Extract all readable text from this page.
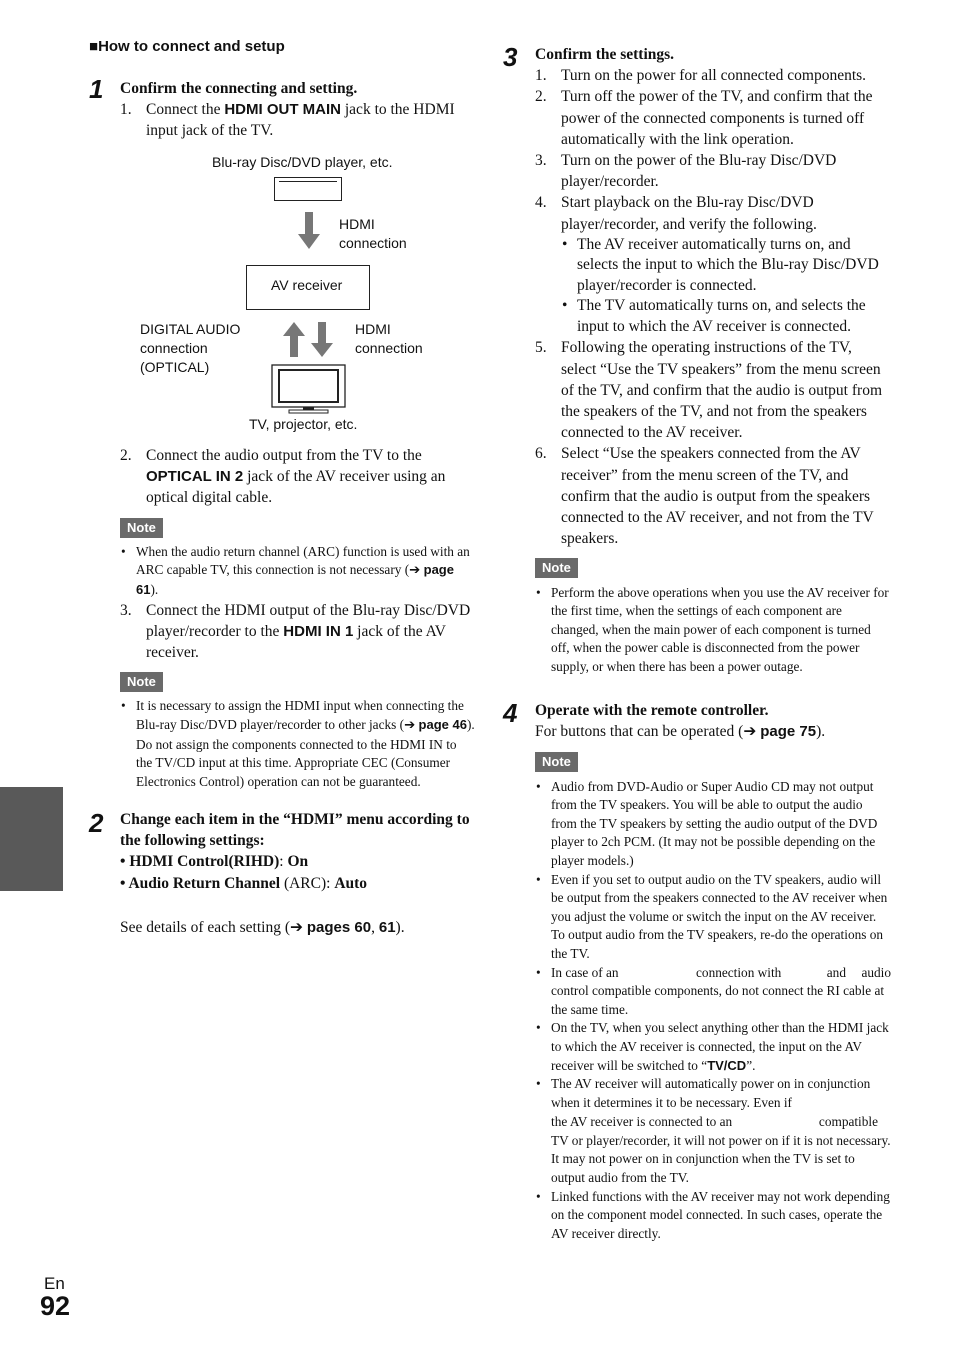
■How to connect and setup
1
2
3
4
Confirm the connecting and setting.
1. Connect the HDMI OUT MAIN jack to the HDMI input jack of the TV.
Blu-ray Disc/DVD player, etc.
HDMI
connection
AV receiver
DIGITAL AUDIO
connection
(OPTICAL)
HDMI
connection
TV, projector, etc.
2. Connect the audio output from the TV to the OPTICAL IN 2 jack of the AV receiver using an optical digital cable.
Note
• When the audio return channel (ARC) function is used with an ARC capable TV, this connection is not necessary (➔ page 61).
3. Connect the HDMI output of the Blu-ray Disc/DVD player/recorder to the HDMI IN 1 jack of the AV receiver.
Note
• It is necessary to assign the HDMI input when connecting the Blu-ray Disc/DVD player/recorder to other jacks (➔ page 46). Do not assign the components connected to the HDMI IN to the TV/CD input at this time. Appropriate CEC (Consumer Electronics Control) operation can not be guaranteed.
Change each item in the “HDMI” menu according to the following settings:
• HDMI Control(RIHD): On
• Audio Return Channel (ARC): Auto
See details of each setting (➔ pages 60, 61).
Confirm the settings.
1. Turn on the power for all connected components.
2. Turn off the power of the TV, and confirm that the power of the connected components is turned off automatically with the link operation.
3. Turn on the power of the Blu-ray Disc/DVD player/recorder.
4. Start playback on the Blu-ray Disc/DVD player/recorder, and verify the following.
• The AV receiver automatically turns on, and selects the input to which the Blu-ray Disc/DVD player/recorder is connected.
• The TV automatically turns on, and selects the input to which the AV receiver is connected.
5. Following the operating instructions of the TV, select “Use the TV speakers” from the menu screen of the TV, and confirm that the audio is output from the speakers of the TV, and not from the speakers connected to the AV receiver.
6. Select “Use the speakers connected from the AV receiver” from the menu screen of the TV, and confirm that the audio is output from the speakers connected to the AV receiver, and not from the TV speakers.
Note
• Perform the above operations when you use the AV receiver for the first time, when the settings of each component are changed, when the main power of each component is turned off, when the power cable is disconnected from the power supply, or when there has been a power outage.
Operate with the remote controller.
For buttons that can be operated (➔ page 75).
Note
• Audio from DVD-Audio or Super Audio CD may not output from the TV speakers. You will be able to output the audio from the TV speakers by setting the audio output of the DVD player to 2ch PCM. (It may not be possible depending on the player models.)
• Even if you set to output audio on the TV speakers, audio will be output from the speakers connected to the AV receiver when you adjust the volume or switch the input on the AV receiver. To output audio from the TV speakers, re-do the operations on the TV.
• In case of an	connection with	and audio
control compatible components, do not connect the RI cable at the same time.
• On the TV, when you select anything other than the HDMI jack to which the AV receiver is connected, the input on the AV receiver will be switched to “TV/CD”.
• The AV receiver will automatically power on in conjunction when it determines it to be necessary. Even if
the AV receiver is connected to an	compatible
TV or player/recorder, it will not power on if it is not necessary. It may not power on in conjunction when the TV is set to output audio from the TV.
• Linked functions with the AV receiver may not work depending on the component model connected. In such cases, operate the AV receiver directly.
En
92
